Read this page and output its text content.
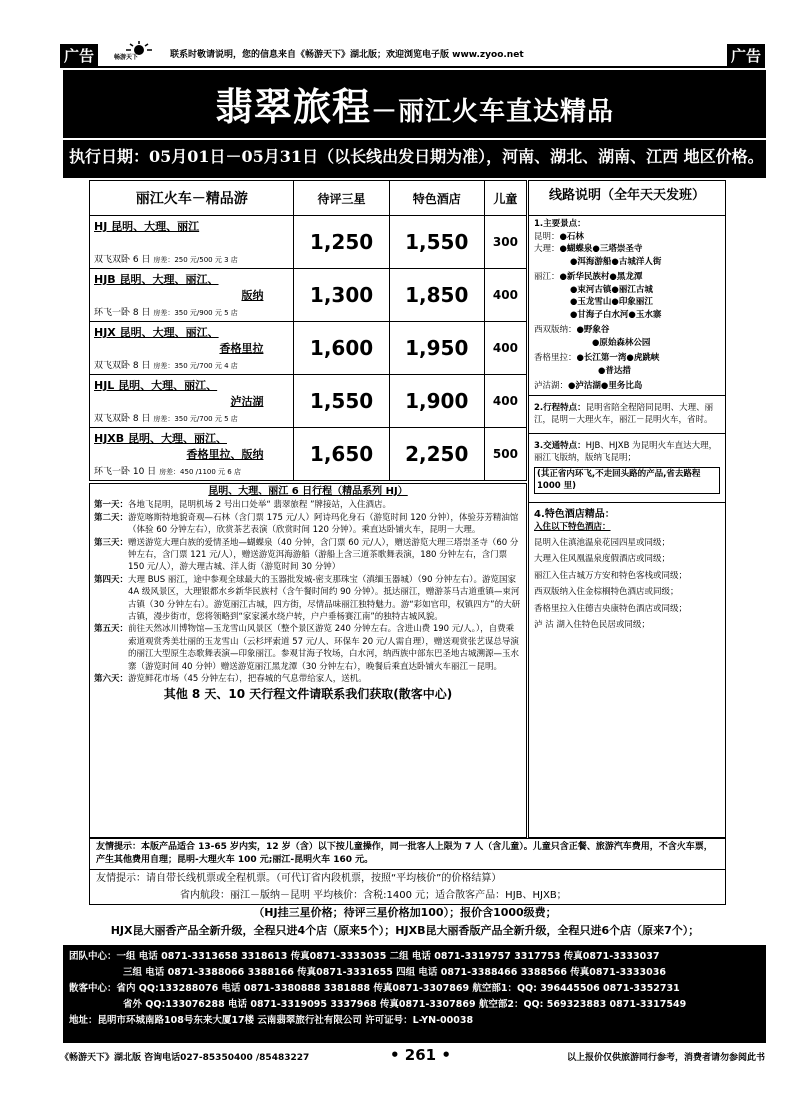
广告	畅游天下	联系时敬请说明，您的信息来自《畅游天下》湖北版；欢迎浏览电子版 www.zyoo.net	广告
翡翠旅程－丽江火车直达精品
执行日期：05月01日－05月31日（以长线出发日期为准），河南、湖北、湖南、江西 地区价格。
丽江火车－精品游	待评三星	特色酒店	儿童

HJ 昆明、大理、丽江
双飞双卧 6 日 房差：250 元/500 元 3 店	1,250	1,550	300

HJB 昆明、大理、丽江、
版纳
环飞一卧 8 日 房差：350 元/900 元 5 店	1,300	1,850	400

HJX 昆明、大理、丽江、
香格里拉
双飞双卧 8 日 房差：350 元/700 元 4 店	1,600	1,950	400

HJL 昆明、大理、丽江、
泸沽湖
双飞双卧 8 日 房差：350 元/700 元 5 店	1,550	1,900	400

HJXB 昆明、大理、丽江、
香格里拉、版纳
环飞一卧 10 日 房差：450 /1100 元 6 店	1,650	2,250	500
昆明、大理、丽江 6 日行程（精品系列 HJ）
第一天： 各地飞昆明，昆明机场 2 号出口处举“ 翡翠旅程 ”牌接站，入住酒店。
第二天： 游览喀斯特地貌奇观—石林（含门票 175 元/人）阿诗玛化身石（游览时间 120 分钟），体验芬芳精油馆（体验 60 分钟左右），欣赏茶艺表演（欣赏时间 120 分钟）。乘直达卧铺火车，昆明－大理。
第三天： 赠送游览大理白族的爱情圣地—蝴蝶泉（40 分钟，含门票 60 元/人），赠送游览大理三塔崇圣寺（60 分钟左右，含门票 121 元/人），赠送游览洱海游船（游船上含三道茶歌舞表演，180 分钟左右，含门票 150 元/人），游大理古城、洋人街（游览时间 30 分钟）
第四天： 大理 BUS 丽江，途中参观全球最大的玉器批发城-密支那珠宝（滇缅玉器城）（90 分钟左右）。游览国家 4A 级风景区，大理银都水乡新华民族村（含午餐时间约 90 分钟）。抵达丽江，赠游茶马古道重镇—束河古镇（30 分钟左右）。游览丽江古城，四方街，尽情品味丽江独特魅力。游“彩如官印，权镇四方”的大研古镇，漫步街市，您将领略到“家家溪水绕户转，户户垂杨赛江南”的独特古城风貌。
第五天： 前往天然冰川博物馆—玉龙雪山风景区（整个景区游览 240 分钟左右。含进山费 190 元/人。），自费乘索道观赏秀美壮丽的玉龙雪山（云杉坪索道 57 元/人、环保车 20 元/人需自理），赠送观赏张艺谋总导演的丽江大型原生态歌舞表演—印象丽江。参观甘海子牧场，白水河，纳西族中部东巴圣地古城溯源—玉水寨（游览时间 40 分钟）赠送游览丽江黑龙潭（30 分钟左右），晚餐后乘直达卧铺火车丽江－昆明。
第六天： 游览鲜花市场（45 分钟左右），把春城的气息带给家人，送机。
其他 8 天、10 天行程文件请联系我们获取(散客中心)
线路说明（全年天天发班）
1.主要景点：
昆明：●石林
大理：●蝴蝶泉●三塔崇圣寺
●洱海游船●古城洋人街
丽江：●新华民族村●黑龙潭
●束河古镇●丽江古城
●玉龙雪山●印象丽江
●甘海子白水河●玉水寨
西双版纳：●野象谷
●原始森林公园
香格里拉：●长江第一湾●虎跳峡
●普达措
泸沽湖：●泸沽湖●里务比岛
2.行程特点：昆明省陪全程陪同昆明、大理、丽江，昆明－大理火车，丽江－昆明火车，省时。
3.交通特点：HJB、HJXB 为昆明火车直达大理，丽江飞版纳，版纳飞昆明； (其正省内环飞,不走回头路的产品,省去路程 1000 里)
4.特色酒店精品：
入住以下特色酒店：
昆明入住滇池温泉花园四星或同级；
大理入住风凰温泉度假酒店或同级；
丽江入住古城万方安和特色客栈或同级；
西双版纳入住金棕榈特色酒店或同级；
香格里拉入住德吉央康特色酒店或同级；
泸 沽 湖入住特色民居或同级；
友情提示：本版产品适合 13-65 岁内实，12 岁（含）以下按儿童操作，同一批客人上限为 7 人（含儿童）。儿童只含正餐、旅游汽车费用，不含火车票，产生其他费用自理；昆明-大理火车 100 元;丽江-昆明火车 160 元。
友情提示：请自带长线机票或全程机票。（可代订省内段机票，按照“平均核价”的价格结算）
省内航段：丽江－版纳－昆明 平均核价：含税:1400 元；适合散客产品：HJB、HJXB；
（HJ挂三星价格；待评三星价格加100）；报价含1000级费；
HJX昆大丽香产品全新升级，全程只进4个店（原来5个）；HJXB昆大丽香版产品全新升级，全程只进6个店（原来7个）；
团队中心：一组 电话 0871-3313658 3318613 传真0871-3333035 二组 电话 0871-3319757 3317753 传真0871-3333037
三组 电话 0871-3388066 3388166 传真0871-3331655 四组 电话 0871-3388466 3388566 传真0871-3333036
散客中心：省内 QQ:133288076 电话 0871-3380888 3381888 传真0871-3307869 航空部1：QQ: 396445506 0871-3352731
省外 QQ:133076288 电话 0871-3319095 3337968 传真0871-3307869 航空部2：QQ: 569323883 0871-3317549
地址：昆明市环城南路108号东来大厦17楼 云南翡翠旅行社有限公司 许可证号：L-YN-00038
《畅游天下》湖北版 咨询电话027-85350400 /85483227	• 261 •	以上报价仅供旅游同行参考，消费者请勿参阅此书
